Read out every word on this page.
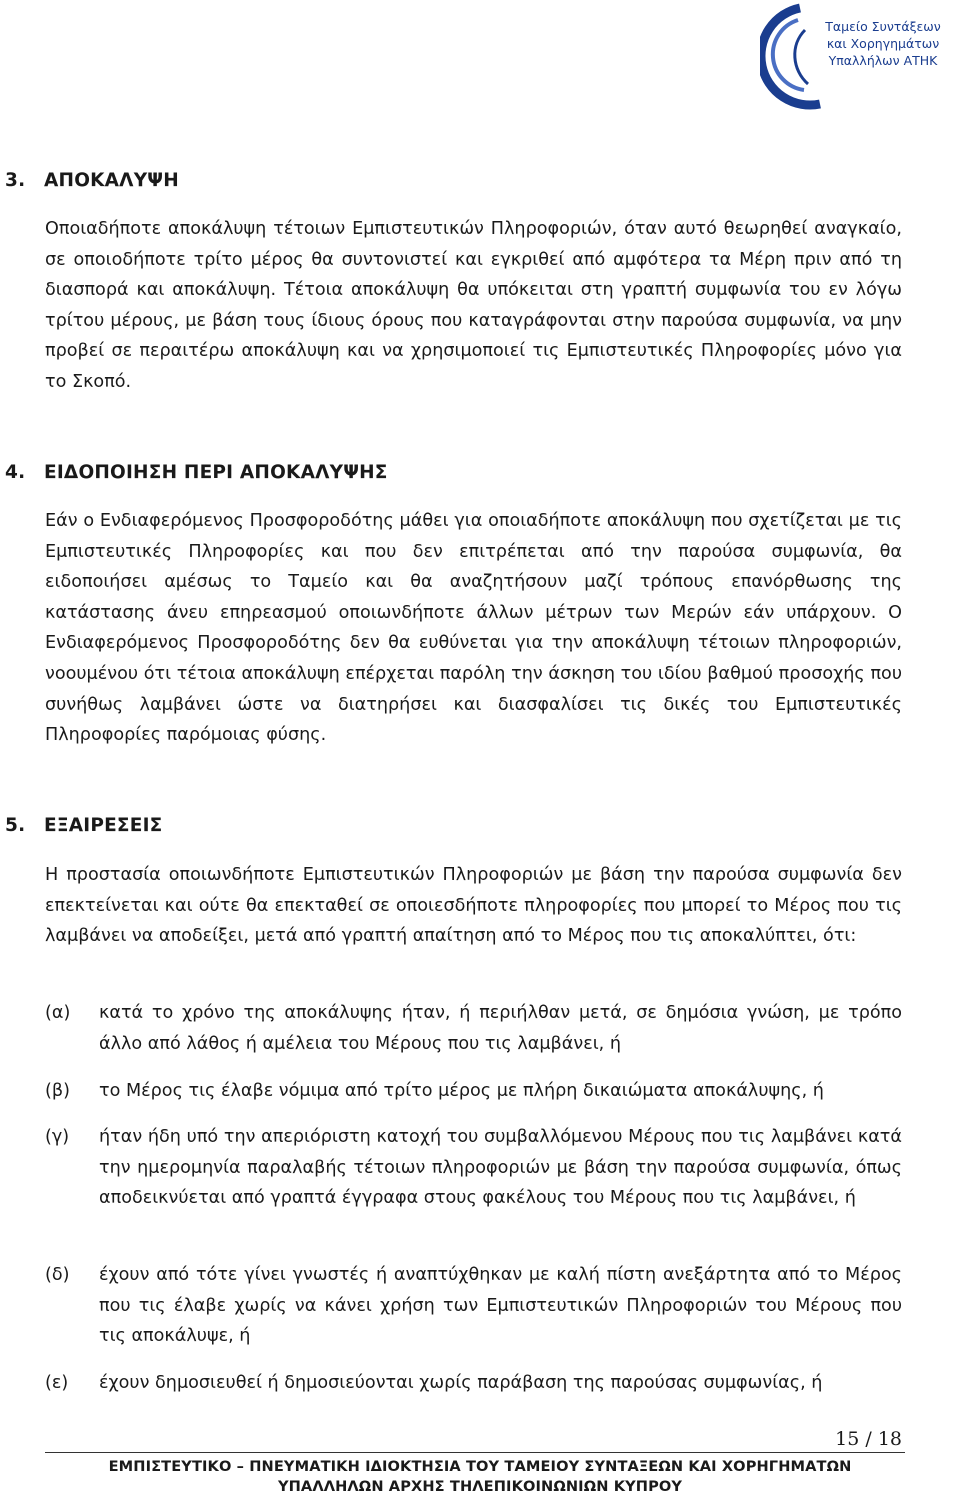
Ταμείο Συντάξεων
και Χορηγημάτων
Υπαλλήλων ΑΤΗΚ
3. ΑΠΟΚΑΛΥΨΗ
Οποιαδήποτε αποκάλυψη τέτοιων Εμπιστευτικών Πληροφοριών, όταν αυτό θεωρηθεί αναγκαίο, σε οποιοδήποτε τρίτο μέρος θα συντονιστεί και εγκριθεί από αμφότερα τα Μέρη πριν από τη διασπορά και αποκάλυψη. Τέτοια αποκάλυψη θα υπόκειται στη γραπτή συμφωνία του εν λόγω τρίτου μέρους, με βάση τους ίδιους όρους που καταγράφονται στην παρούσα συμφωνία, να μην προβεί σε περαιτέρω αποκάλυψη και να χρησιμοποιεί τις Εμπιστευτικές Πληροφορίες μόνο για το Σκοπό.
4. ΕΙΔΟΠΟΙΗΣΗ ΠΕΡΙ ΑΠΟΚΑΛΥΨΗΣ
Εάν ο Ενδιαφερόμενος Προσφοροδότης μάθει για οποιαδήποτε αποκάλυψη που σχετίζεται με τις Εμπιστευτικές Πληροφορίες και που δεν επιτρέπεται από την παρούσα συμφωνία, θα ειδοποιήσει αμέσως το Ταμείο και θα αναζητήσουν μαζί τρόπους επανόρθωσης της κατάστασης άνευ επηρεασμού οποιωνδήποτε άλλων μέτρων των Μερών εάν υπάρχουν. Ο Ενδιαφερόμενος Προσφοροδότης δεν θα ευθύνεται για την αποκάλυψη τέτοιων πληροφοριών, νοουμένου ότι τέτοια αποκάλυψη επέρχεται παρόλη την άσκηση του ιδίου βαθμού προσοχής που συνήθως λαμβάνει ώστε να διατηρήσει και διασφαλίσει τις δικές του Εμπιστευτικές Πληροφορίες παρόμοιας φύσης.
5. ΕΞΑΙΡΕΣΕΙΣ
Η προστασία οποιωνδήποτε Εμπιστευτικών Πληροφοριών με βάση την παρούσα συμφωνία δεν επεκτείνεται και ούτε θα επεκταθεί σε οποιεσδήποτε πληροφορίες που μπορεί το Μέρος που τις λαμβάνει να αποδείξει, μετά από γραπτή απαίτηση από το Μέρος που τις αποκαλύπτει, ότι:
(α) κατά το χρόνο της αποκάλυψης ήταν, ή περιήλθαν μετά, σε δημόσια γνώση, με τρόπο άλλο από λάθος ή αμέλεια του Μέρους που τις λαμβάνει, ή
(β) το Μέρος τις έλαβε νόμιμα από τρίτο μέρος με πλήρη δικαιώματα αποκάλυψης, ή
(γ) ήταν ήδη υπό την απεριόριστη κατοχή του συμβαλλόμενου Μέρους που τις λαμβάνει κατά την ημερομηνία παραλαβής τέτοιων πληροφοριών με βάση την παρούσα συμφωνία, όπως αποδεικνύεται από γραπτά έγγραφα στους φακέλους του Μέρους που τις λαμβάνει, ή
(δ) έχουν από τότε γίνει γνωστές ή αναπτύχθηκαν με καλή πίστη ανεξάρτητα από το Μέρος που τις έλαβε χωρίς να κάνει χρήση των Εμπιστευτικών Πληροφοριών του Μέρους που τις αποκάλυψε, ή
(ε) έχουν δημοσιευθεί ή δημοσιεύονται χωρίς παράβαση της παρούσας συμφωνίας, ή
15 / 18
ΕΜΠΙΣΤΕΥΤΙΚΟ – ΠΝΕΥΜΑΤΙΚΗ ΙΔΙΟΚΤΗΣΙΑ ΤΟΥ ΤΑΜΕΙΟΥ ΣΥΝΤΑΞΕΩΝ ΚΑΙ ΧΟΡΗΓΗΜΑΤΩΝ
ΥΠΑΛΛΗΛΩΝ ΑΡΧΗΣ ΤΗΛΕΠΙΚΟΙΝΩΝΙΩΝ ΚΥΠΡΟΥ
